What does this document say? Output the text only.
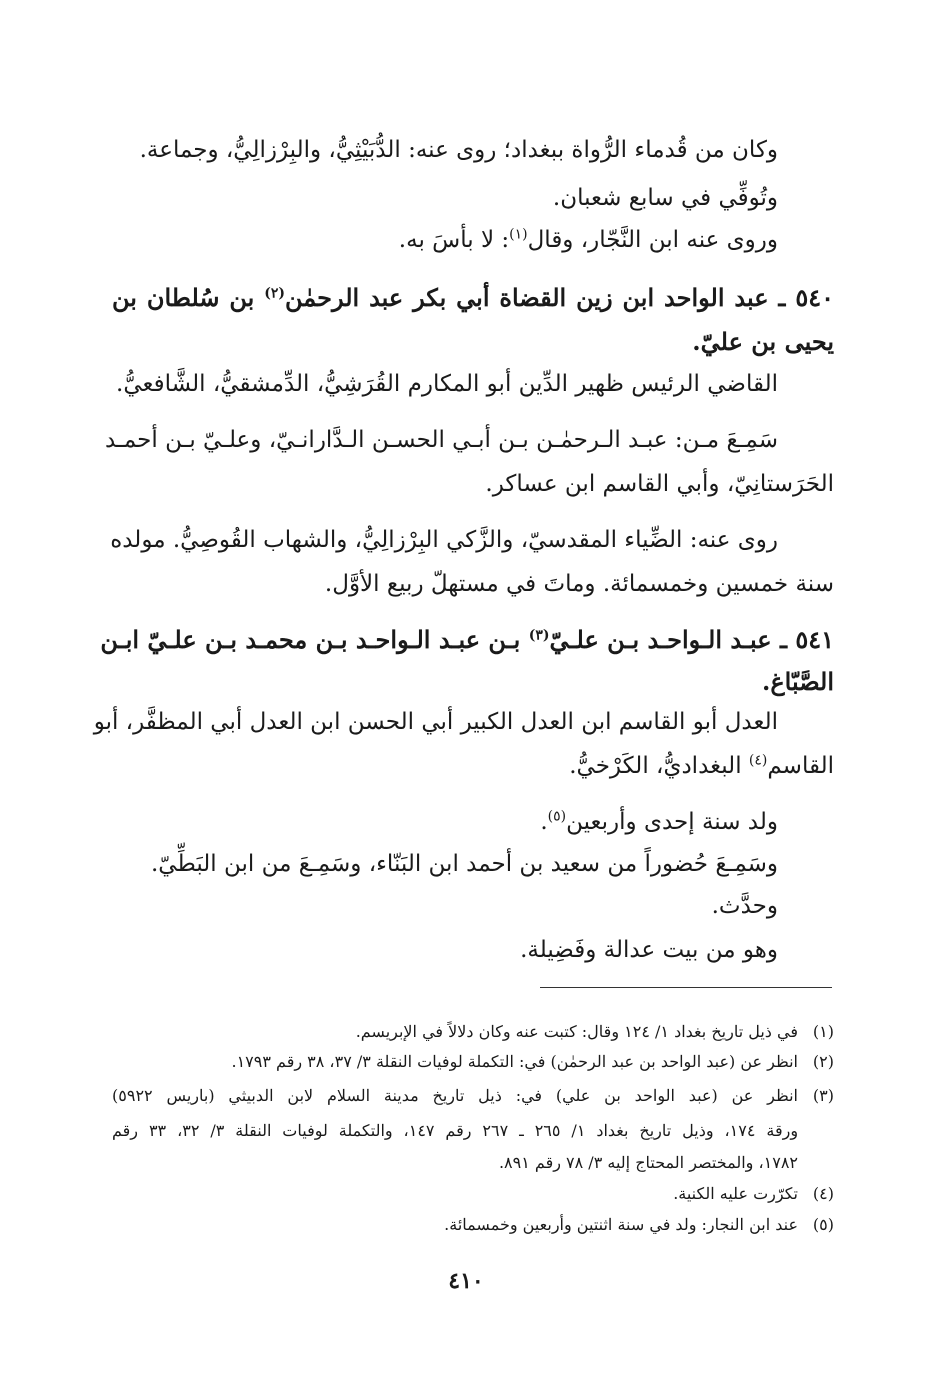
وكان من قُدماء الرُّواة ببغداد؛ روى عنه: الدُّبَيْثِيُّ، والبِرْزالِيُّ، وجماعة.
وتُوفِّي في سابع شعبان.
وروى عنه ابن النَّجّار، وقال$^{(١)}$: لا بأسَ به.
٥٤٠ ـ عبد الواحد ابن زين القضاة أبي بكر عبد الرحمٰن$^{(٢)}$ بن سُلطان بن
يحيى بن عليّ.
القاضي الرئيس ظهير الدِّين أبو المكارم القُرَشِيُّ، الدِّمشقيُّ، الشَّافعيُّ.
سَمِـعَ مـن: عبـد الـرحمٰـن بـن أبـي الحسـن الـدَّارانـيّ، وعلـيّ بـن أحمـد
الحَرَستانِيّ، وأبي القاسم ابن عساكر.
روى عنه: الضِّياء المقدسيّ، والزَّكي البِرْزالِيُّ، والشهاب القُوصِيُّ. مولده
سنة خمسين وخمسمائة. وماتَ في مستهلّ ربيع الأوَّل.
٥٤١ ـ عبـد الـواحـد بـن علـيّ$^{(٣)}$ بـن عبـد الـواحـد بـن محمـد بـن علـيّ ابـن
الصَّبّاغ.
العدل أبو القاسم ابن العدل الكبير أبي الحسن ابن العدل أبي المظفَّر، أبو
القاسم$^{(٤)}$ البغداديُّ، الكَرْخيُّ.
ولد سنة إحدى وأربعين$^{(٥)}$.
وسَمِـعَ حُضوراً من سعيد بن أحمد ابن البَنّاء، وسَمِـعَ من ابن البَطِّيّ.
وحدَّث.
وهو من بيت عدالة وفَضِيلة.
(١)
في ذيل تاريخ بغداد ١/ ١٢٤ وقال: كتبت عنه وكان دلالاً في الإبريسم.
(٢)
انظر عن (عبد الواحد بن عبد الرحمٰن) في: التكملة لوفيات النقلة ٣/ ٣٧، ٣٨ رقم ١٧٩٣.
(٣)
انظر عن (عبد الواحد بن علي) في: ذيل تاريخ مدينة السلام لابن الدبيثي (باريس ٥٩٢٢)
ورقة ١٧٤، وذيل تاريخ بغداد ١/ ٢٦٥ ـ ٢٦٧ رقم ١٤٧، والتكملة لوفيات النقلة ٣/ ٣٢، ٣٣ رقم
١٧٨٢، والمختصر المحتاج إليه ٣/ ٧٨ رقم ٨٩١.
(٤)
تكرّرت عليه الكنية.
(٥)
عند ابن النجار: ولد في سنة اثنتين وأربعين وخمسمائة.
٤١٠
